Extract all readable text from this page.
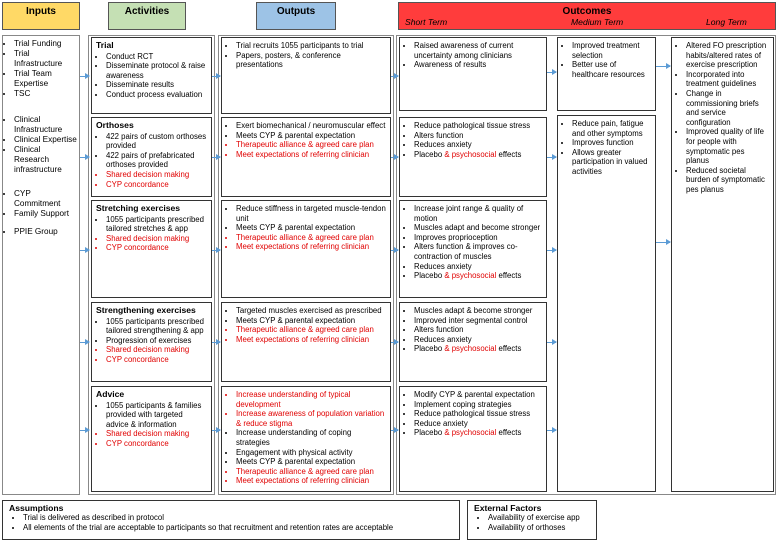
Inputs	Activities	Outputs	Outcomes
Short Term	Medium Term	Long Term
• Trial Funding
• Trial Infrastructure
• Trial Team Expertise
• TSC
• Clinical Infrastructure
• Clinical Expertise
• Clinical Research infrastructure
• CYP Commitment
• Family Support
• PPIE Group
Trial
• Conduct RCT
• Disseminate protocol & raise awareness
• Disseminate results
• Conduct process evaluation
Orthoses
• 422 pairs of custom orthoses provided
• 422 pairs of prefabricated orthoses provided
• Shared decision making
• CYP concordance
Stretching exercises
• 1055 participants prescribed tailored stretches & app
• Shared decision making
• CYP concordance
Strengthening exercises
• 1055 participants prescribed tailored strengthening & app
• Progression of exercises
• Shared decision making
• CYP concordance
Advice
• 1055 participants & families provided with targeted advice & information
• Shared decision making
• CYP concordance
• Trial recruits 1055 participants to trial
• Papers, posters, & conference presentations
• Exert biomechanical / neuromuscular effect
• Meets CYP & parental expectation
• Therapeutic alliance & agreed care plan
• Meet expectations of referring clinician
• Reduce stiffness in targeted muscle-tendon unit
• Meets CYP & parental expectation
• Therapeutic alliance & agreed care plan
• Meet expectations of referring clinician
• Targeted muscles exercised as prescribed
• Meets CYP & parental expectation
• Therapeutic alliance & agreed care plan
• Meet expectations of referring clinician
• Increase understanding of typical development
• Increase awareness of population variation & reduce stigma
• Increase understanding of coping strategies
• Engagement with physical activity
• Meets CYP & parental expectation
• Therapeutic alliance & agreed care plan
• Meet expectations of referring clinician
• Raised awareness of current uncertainty among clinicians
• Awareness of results
• Reduce pathological tissue stress
• Alters function
• Reduces anxiety
• Placebo & psychosocial effects
• Increase joint range & quality of motion
• Muscles adapt and become stronger
• Improves proprioception
• Alters function & improves co-contraction of muscles
• Reduces anxiety
• Placebo & psychosocial effects
• Muscles adapt & become stronger
• Improved inter segmental control
• Alters function
• Reduces anxiety
• Placebo & psychosocial effects
• Modify CYP & parental expectation
• Implement coping strategies
• Reduce pathological tissue stress
• Reduce anxiety
• Placebo & psychosocial effects
• Improved treatment selection
• Better use of healthcare resources
• Reduce pain, fatigue and other symptoms
• Improves function
• Allows greater participation in valued activities
• Altered FO prescription habits/altered rates of exercise prescription
• Incorporated into treatment guidelines
• Change in commissioning briefs and service configuration
• Improved quality of life for people with symptomatic pes planus
• Reduced societal burden of symptomatic pes planus
Assumptions
• Trial is delivered as described in protocol
• All elements of the trial are acceptable to participants so that recruitment and retention rates are acceptable
External Factors
• Availability of exercise app
• Availability of orthoses
